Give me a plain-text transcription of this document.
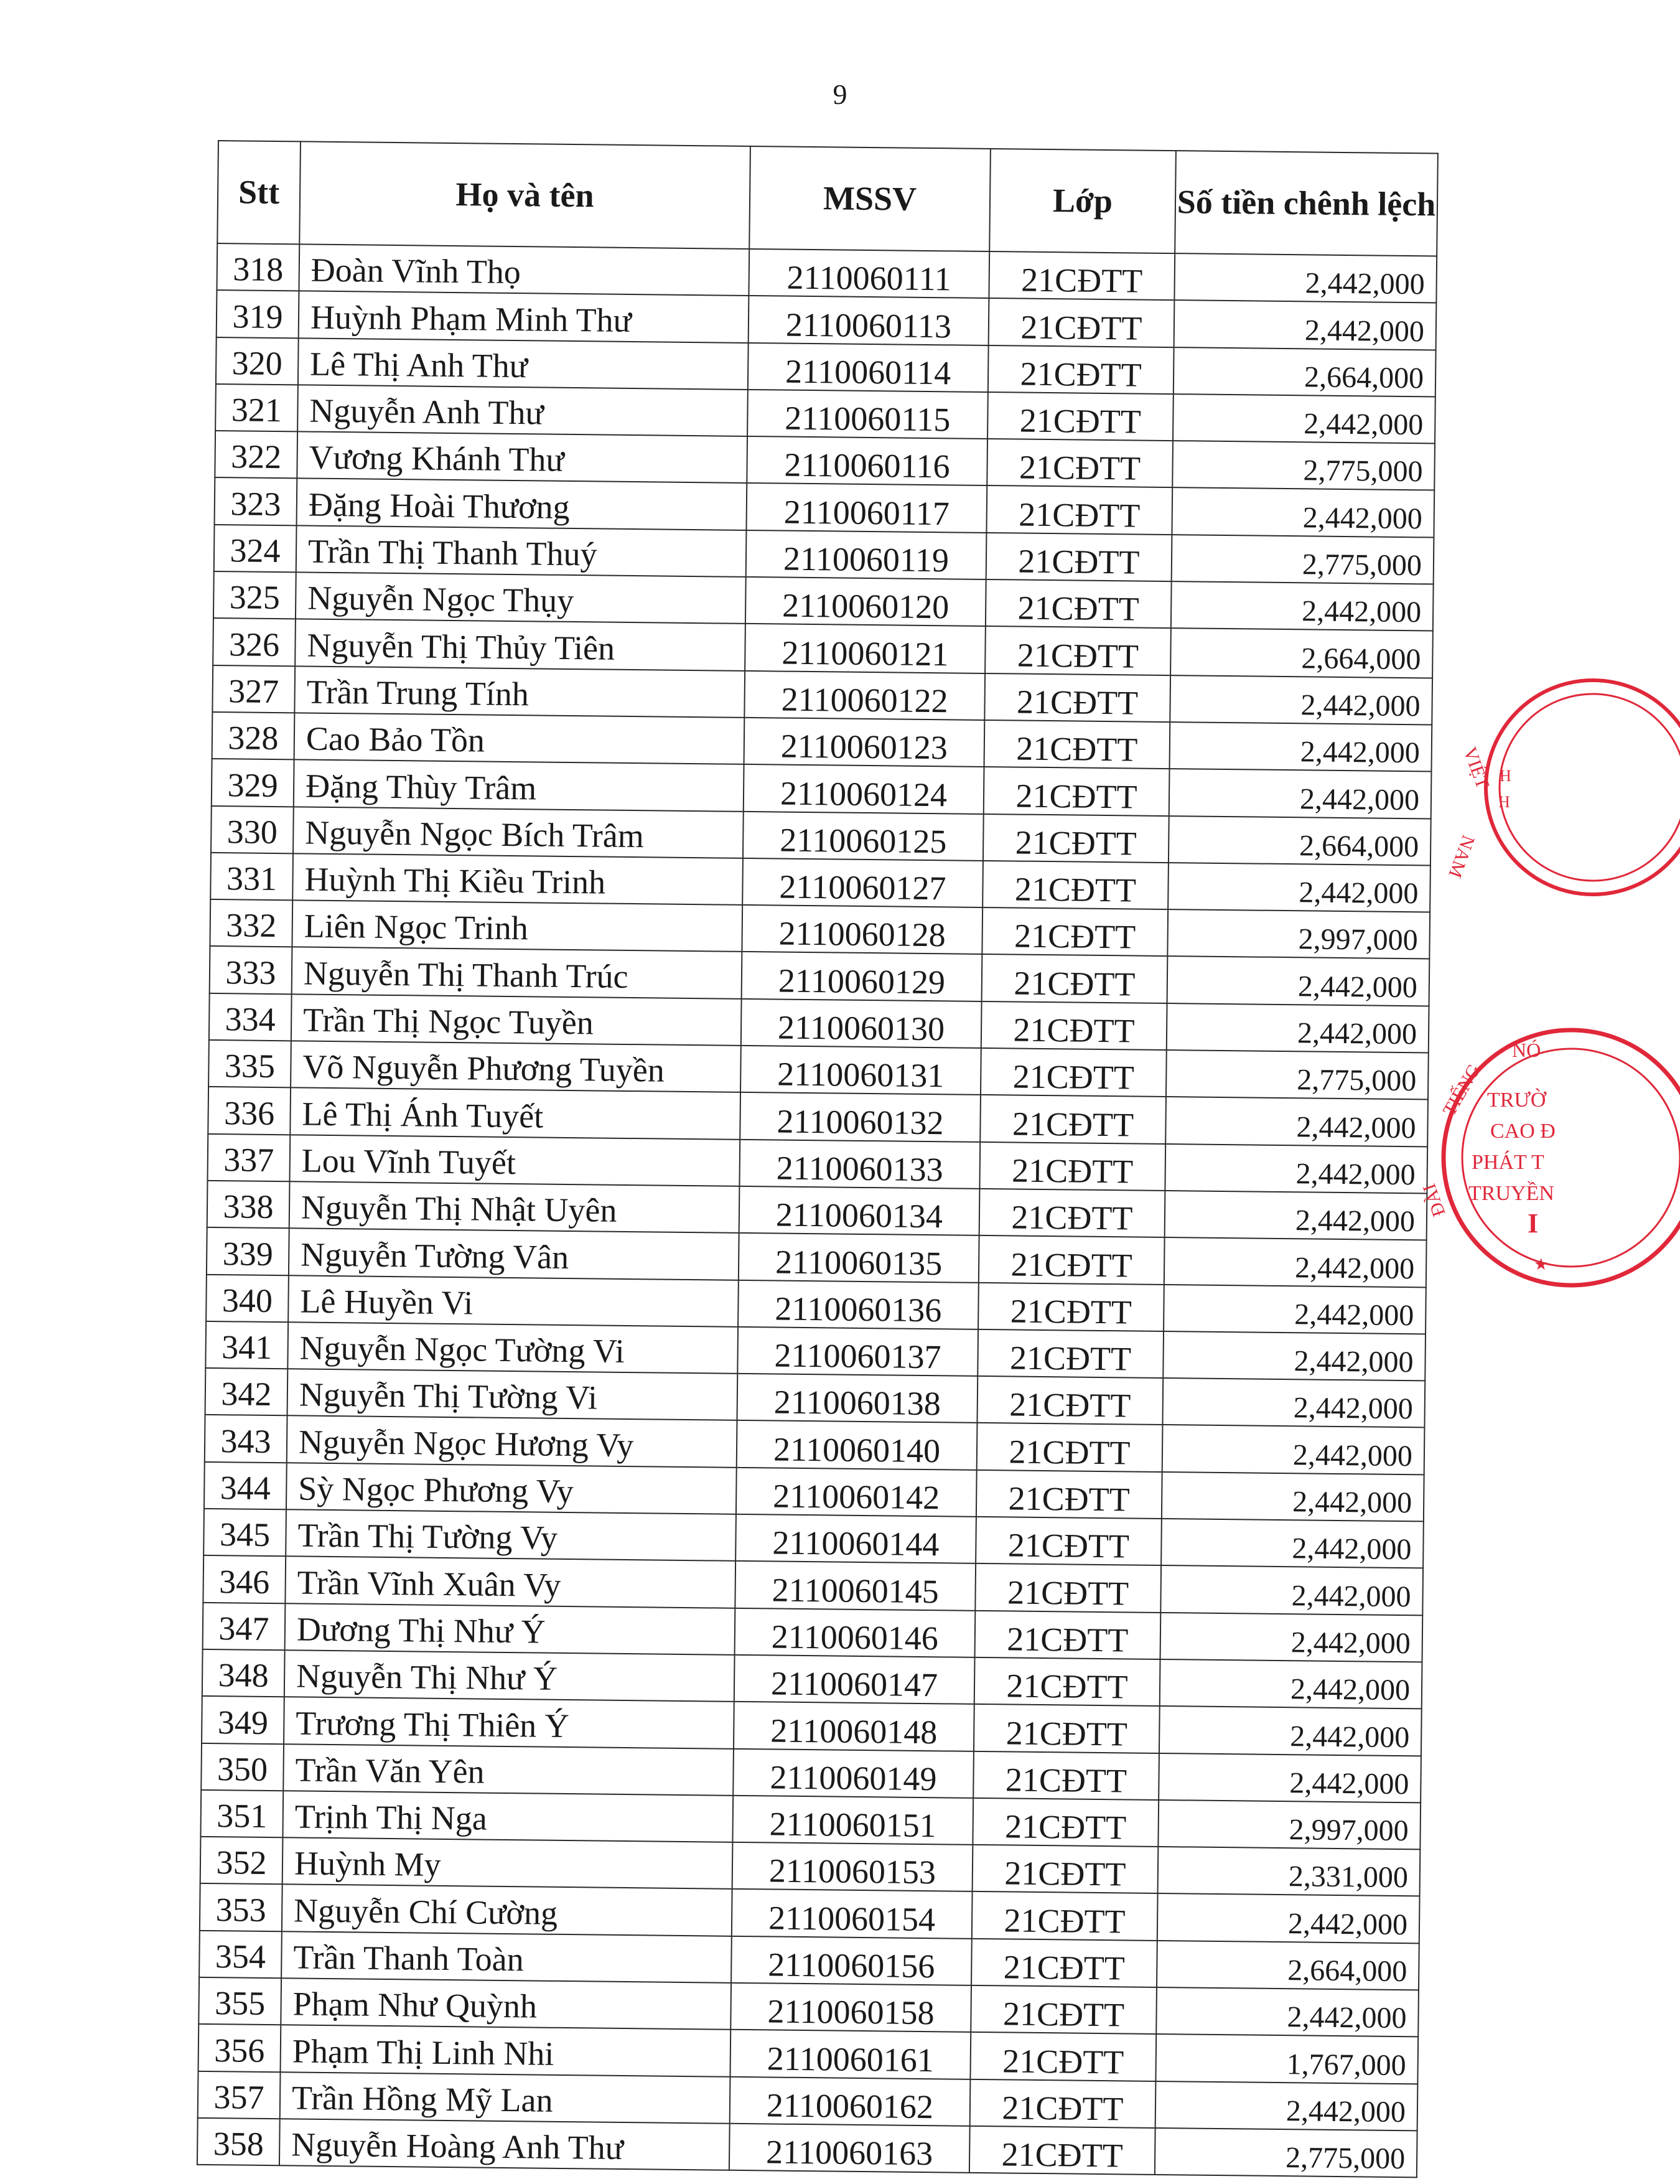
9
Stt	Họ và tên	MSSV	Lớp	Số tiền chênh lệch
318	Đoàn Vĩnh Thọ	2110060111	21CĐTT	2,442,000
319	Huỳnh Phạm Minh Thư	2110060113	21CĐTT	2,442,000
320	Lê Thị Anh Thư	2110060114	21CĐTT	2,664,000
321	Nguyễn Anh Thư	2110060115	21CĐTT	2,442,000
322	Vương Khánh Thư	2110060116	21CĐTT	2,775,000
323	Đặng Hoài Thương	2110060117	21CĐTT	2,442,000
324	Trần Thị Thanh Thuý	2110060119	21CĐTT	2,775,000
325	Nguyễn Ngọc Thụy	2110060120	21CĐTT	2,442,000
326	Nguyễn Thị Thủy Tiên	2110060121	21CĐTT	2,664,000
327	Trần Trung Tính	2110060122	21CĐTT	2,442,000
328	Cao Bảo Tồn	2110060123	21CĐTT	2,442,000
329	Đặng Thùy Trâm	2110060124	21CĐTT	2,442,000
330	Nguyễn Ngọc Bích Trâm	2110060125	21CĐTT	2,664,000
331	Huỳnh Thị Kiều Trinh	2110060127	21CĐTT	2,442,000
332	Liên Ngọc Trinh	2110060128	21CĐTT	2,997,000
333	Nguyễn Thị Thanh Trúc	2110060129	21CĐTT	2,442,000
334	Trần Thị Ngọc Tuyền	2110060130	21CĐTT	2,442,000
335	Võ Nguyễn Phương Tuyền	2110060131	21CĐTT	2,775,000
336	Lê Thị Ánh Tuyết	2110060132	21CĐTT	2,442,000
337	Lou Vĩnh Tuyết	2110060133	21CĐTT	2,442,000
338	Nguyễn Thị Nhật Uyên	2110060134	21CĐTT	2,442,000
339	Nguyễn Tường Vân	2110060135	21CĐTT	2,442,000
340	Lê Huyền Vi	2110060136	21CĐTT	2,442,000
341	Nguyễn Ngọc Tường Vi	2110060137	21CĐTT	2,442,000
342	Nguyễn Thị Tường Vi	2110060138	21CĐTT	2,442,000
343	Nguyễn Ngọc Hương Vy	2110060140	21CĐTT	2,442,000
344	Sỳ Ngọc Phương Vy	2110060142	21CĐTT	2,442,000
345	Trần Thị Tường Vy	2110060144	21CĐTT	2,442,000
346	Trần Vĩnh Xuân Vy	2110060145	21CĐTT	2,442,000
347	Dương Thị Như Ý	2110060146	21CĐTT	2,442,000
348	Nguyễn Thị Như Ý	2110060147	21CĐTT	2,442,000
349	Trương Thị Thiên Ý	2110060148	21CĐTT	2,442,000
350	Trần Văn Yên	2110060149	21CĐTT	2,442,000
351	Trịnh Thị Nga	2110060151	21CĐTT	2,997,000
352	Huỳnh My	2110060153	21CĐTT	2,331,000
353	Nguyễn Chí Cường	2110060154	21CĐTT	2,442,000
354	Trần Thanh Toàn	2110060156	21CĐTT	2,664,000
355	Phạm Như Quỳnh	2110060158	21CĐTT	2,442,000
356	Phạm Thị Linh Nhi	2110060161	21CĐTT	1,767,000
357	Trần Hồng Mỹ Lan	2110060162	21CĐTT	2,442,000
358	Nguyễn Hoàng Anh Thư	2110060163	21CĐTT	2,775,000
VIỆT
NAM
H
H
NÓ
TIẾNG
ĐÀI
TRƯỜ
CAO Đ
PHÁT T
TRUYỀN
I
★
